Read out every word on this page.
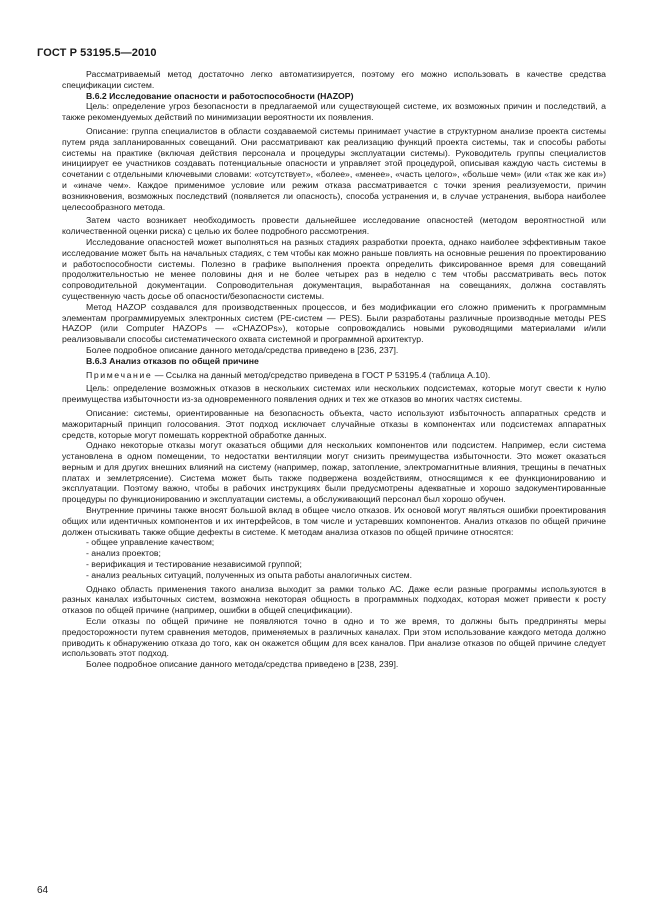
ГОСТ Р 53195.5—2010
Рассматриваемый метод достаточно легко автоматизируется, поэтому его можно использовать в качестве средства спецификации систем.
В.6.2 Исследование опасности и работоспособности (HAZOP)
Цель: определение угроз безопасности в предлагаемой или существующей системе, их возможных причин и последствий, а также рекомендуемых действий по минимизации вероятности их появления.
Описание: группа специалистов в области создаваемой системы принимает участие в структурном анализе проекта системы путем ряда запланированных совещаний. Они рассматривают как реализацию функций проекта системы, так и способы работы системы на практике (включая действия персонала и процедуры эксплуатации системы). Руководитель группы специалистов инициирует ее участников создавать потенциальные опасности и управляет этой процедурой, описывая каждую часть системы в сочетании с отдельными ключевыми словами: «отсутствует», «более», «менее», «часть целого», «больше чем» (или «так же как и») и «иначе чем». Каждое применимое условие или режим отказа рассматривается с точки зрения реализуемости, причин возникновения, возможных последствий (появляется ли опасность), способа устранения и, в случае устранения, выбора наиболее целесообразного метода.
Затем часто возникает необходимость провести дальнейшее исследование опасностей (методом вероятностной или количественной оценки риска) с целью их более подробного рассмотрения.
Исследование опасностей может выполняться на разных стадиях разработки проекта, однако наиболее эффективным такое исследование может быть на начальных стадиях, с тем чтобы как можно раньше повлиять на основные решения по проектированию и работоспособности системы. Полезно в графике выполнения проекта определить фиксированное время для совещаний продолжительностью не менее половины дня и не более четырех раз в неделю с тем чтобы рассматривать весь поток сопроводительной документации. Сопроводительная документация, выработанная на совещаниях, должна составлять существенную часть досье об опасности/безопасности системы.
Метод HAZOP создавался для производственных процессов, и без модификации его сложно применить к программным элементам программируемых электронных систем (PE-систем — PES). Были разработаны различные производные методы PES HAZOP (или Computer HAZOPs — «CHAZOPs»), которые сопровождались новыми руководящими материалами и/или реализовывали способы систематического охвата системной и программной архитектур.
Более подробное описание данного метода/средства приведено в [236, 237].
В.6.3 Анализ отказов по общей причине
Примечание — Ссылка на данный метод/средство приведена в ГОСТ Р 53195.4 (таблица А.10).
Цель: определение возможных отказов в нескольких системах или нескольких подсистемах, которые могут свести к нулю преимущества избыточности из-за одновременного появления одних и тех же отказов во многих частях системы.
Описание: системы, ориентированные на безопасность объекта, часто используют избыточность аппаратных средств и мажоритарный принцип голосования. Этот подход исключает случайные отказы в компонентах или подсистемах аппаратных средств, которые могут помешать корректной обработке данных.
Однако некоторые отказы могут оказаться общими для нескольких компонентов или подсистем. Например, если система установлена в одном помещении, то недостатки вентиляции могут снизить преимущества избыточности. Это может оказаться верным и для других внешних влияний на систему (например, пожар, затопление, электромагнитные влияния, трещины в печатных платах и землетрясение). Система может быть также подвержена воздействиям, относящимся к ее функционированию и эксплуатации. Поэтому важно, чтобы в рабочих инструкциях были предусмотрены адекватные и хорошо задокументированные процедуры по функционированию и эксплуатации системы, а обслуживающий персонал был хорошо обучен.
Внутренние причины также вносят большой вклад в общее число отказов. Их основой могут являться ошибки проектирования общих или идентичных компонентов и их интерфейсов, в том числе и устаревших компонентов. Анализ отказов по общей причине должен отыскивать также общие дефекты в системе. К методам анализа отказов по общей причине относятся:
- общее управление качеством;
- анализ проектов;
- верификация и тестирование независимой группой;
- анализ реальных ситуаций, полученных из опыта работы аналогичных систем.
Однако область применения такого анализа выходит за рамки только АС. Даже если разные программы используются в разных каналах избыточных систем, возможна некоторая общность в программных подходах, которая может привести к росту отказов по общей причине (например, ошибки в общей спецификации).
Если отказы по общей причине не появляются точно в одно и то же время, то должны быть предприняты меры предосторожности путем сравнения методов, применяемых в различных каналах. При этом использование каждого метода должно приводить к обнаружению отказа до того, как он окажется общим для всех каналов. При анализе отказов по общей причине следует использовать этот подход.
Более подробное описание данного метода/средства приведено в [238, 239].
64
